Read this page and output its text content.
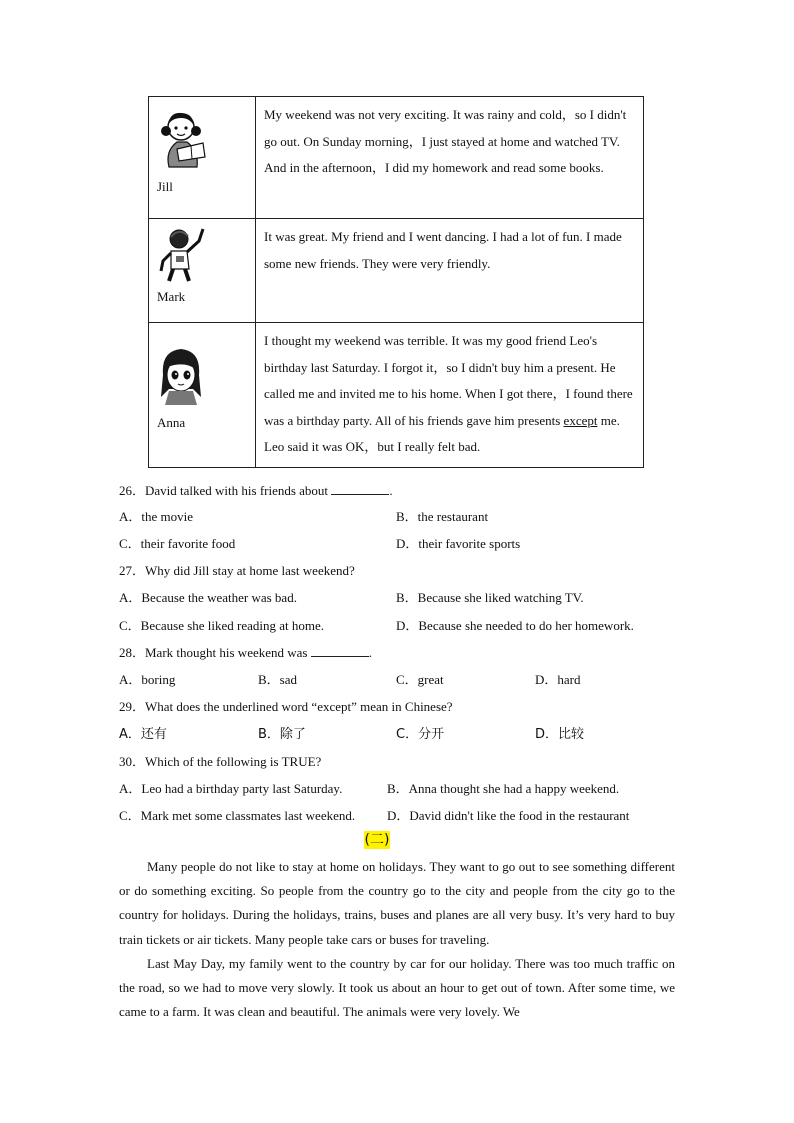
Jill	My weekend was not very exciting. It was rainy and cold，so I didn't go out. On Sunday morning，I just stayed at home and watched TV. And in the afternoon，I did my homework and read some books.

Mark	It was great. My friend and I went dancing. I had a lot of fun. I made some new friends. They were very friendly.

Anna	I thought my weekend was terrible. It was my good friend Leo's birthday last Saturday. I forgot it，so I didn't buy him a present. He called me and invited me to his home. When I got there，I found there was a birthday party. All of his friends gave him presents except me. Leo said it was OK，but I really felt bad.
26．David talked with his friends about	.
A．the movie	B．the restaurant
C．their favorite food	D．their favorite sports
27．Why did Jill stay at home last weekend?
A．Because the weather was bad.	B．Because she liked watching TV.
C．Because she liked reading at home.	D．Because she needed to do her homework.
28．Mark thought his weekend was	.
A．boring	B．sad	C．great	D．hard
29．What does the underlined word “except” mean in Chinese?
A．还有	B．除了	C．分开	D．比较
30．Which of the following is TRUE?
A．Leo had a birthday party last Saturday.	B．Anna thought she had a happy weekend.
C．Mark met some classmates last weekend. D．David didn't like the food in the restaurant
(二)

Many people do not like to stay at home on holidays. They want to go out to see something different or do something exciting. So people from the country go to the city and people from the city go to the country for holidays. During the holidays, trains, buses and planes are all very busy. It’s very hard to buy train tickets or air tickets. Many people take cars or buses for traveling.

Last May Day, my family went to the country by car for our holiday. There was too much traffic on the road, so we had to move very slowly. It took us about an hour to get out of town. After some time, we came to a farm. It was clean and beautiful. The animals were very lovely. We
